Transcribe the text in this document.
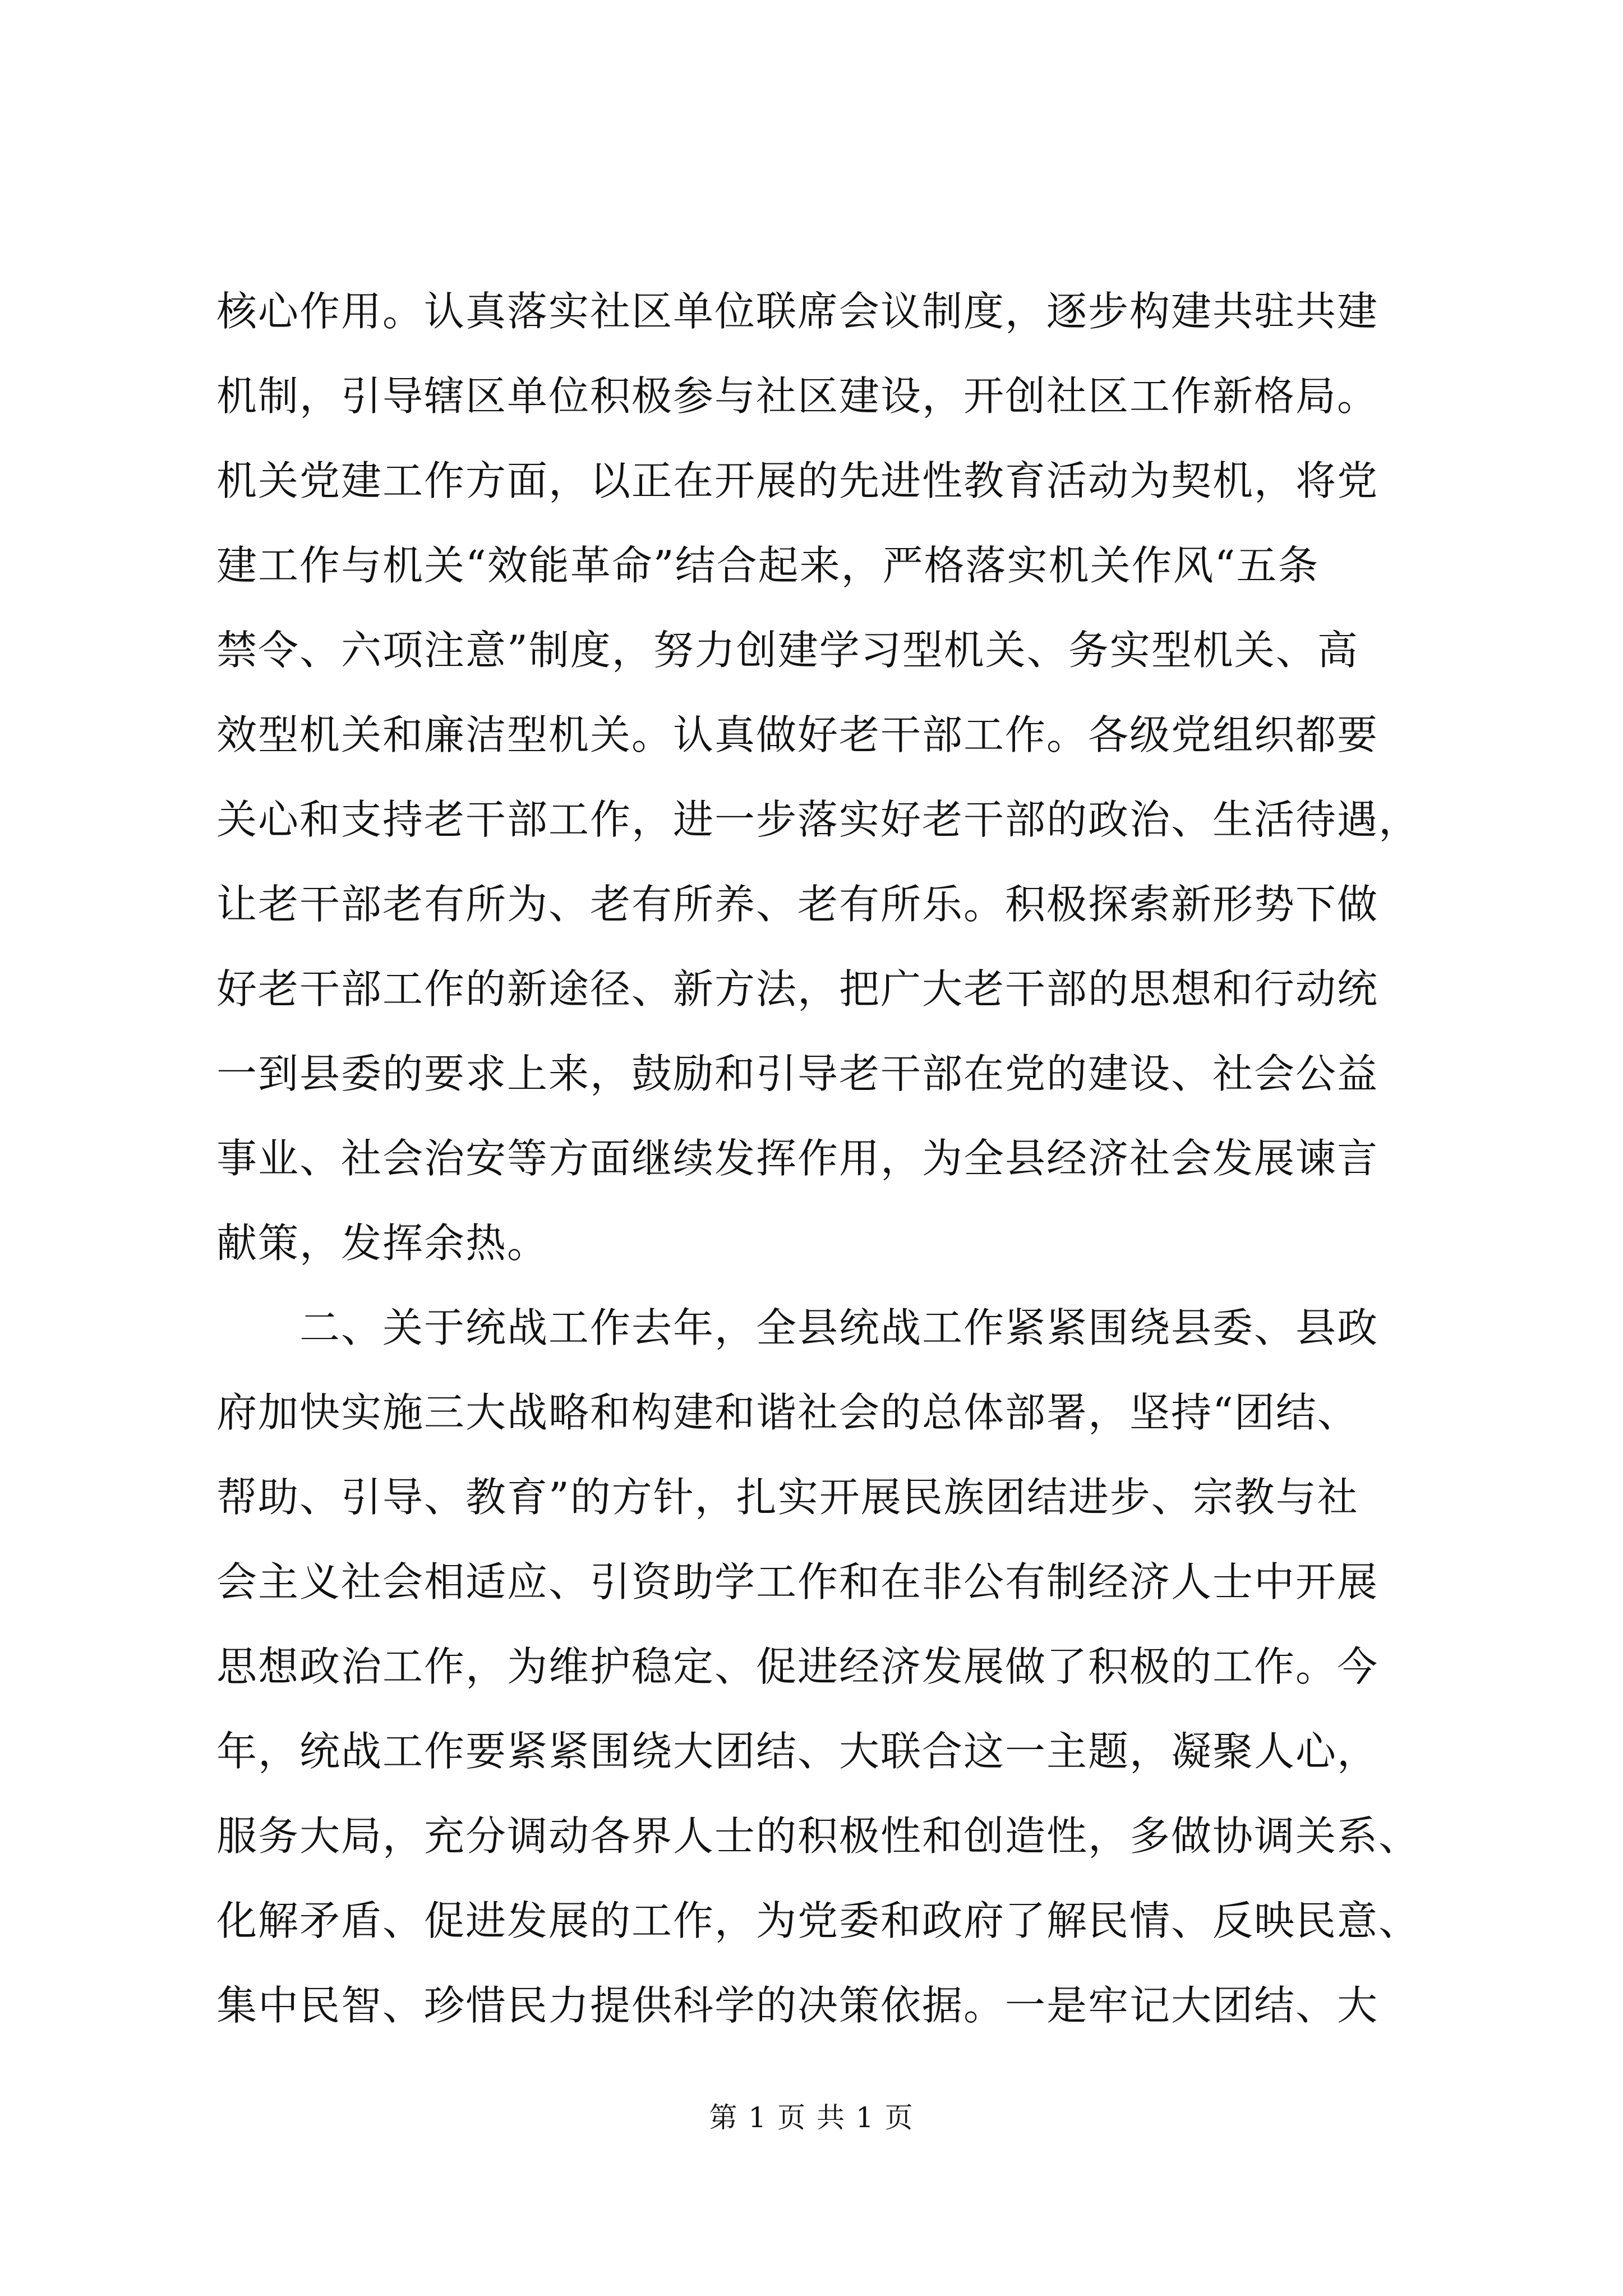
核心作用。认真落实社区单位联席会议制度，逐步构建共驻共建
机制，引导辖区单位积极参与社区建设，开创社区工作新格局。
机关党建工作方面，以正在开展的先进性教育活动为契机，将党
建工作与机关“效能革命”结合起来，严格落实机关作风“五条
禁令、六项注意”制度，努力创建学习型机关、务实型机关、高
效型机关和廉洁型机关。认真做好老干部工作。各级党组织都要
关心和支持老干部工作，进一步落实好老干部的政治、生活待遇，
让老干部老有所为、老有所养、老有所乐。积极探索新形势下做
好老干部工作的新途径、新方法，把广大老干部的思想和行动统
一到县委的要求上来，鼓励和引导老干部在党的建设、社会公益
事业、社会治安等方面继续发挥作用，为全县经济社会发展谏言
献策，发挥余热。
　　二、关于统战工作去年，全县统战工作紧紧围绕县委、县政
府加快实施三大战略和构建和谐社会的总体部署，坚持“团结、
帮助、引导、教育”的方针，扎实开展民族团结进步、宗教与社
会主义社会相适应、引资助学工作和在非公有制经济人士中开展
思想政治工作，为维护稳定、促进经济发展做了积极的工作。今
年，统战工作要紧紧围绕大团结、大联合这一主题，凝聚人心，
服务大局，充分调动各界人士的积极性和创造性，多做协调关系、
化解矛盾、促进发展的工作，为党委和政府了解民情、反映民意、
集中民智、珍惜民力提供科学的决策依据。一是牢记大团结、大
第 1 页 共 1 页
